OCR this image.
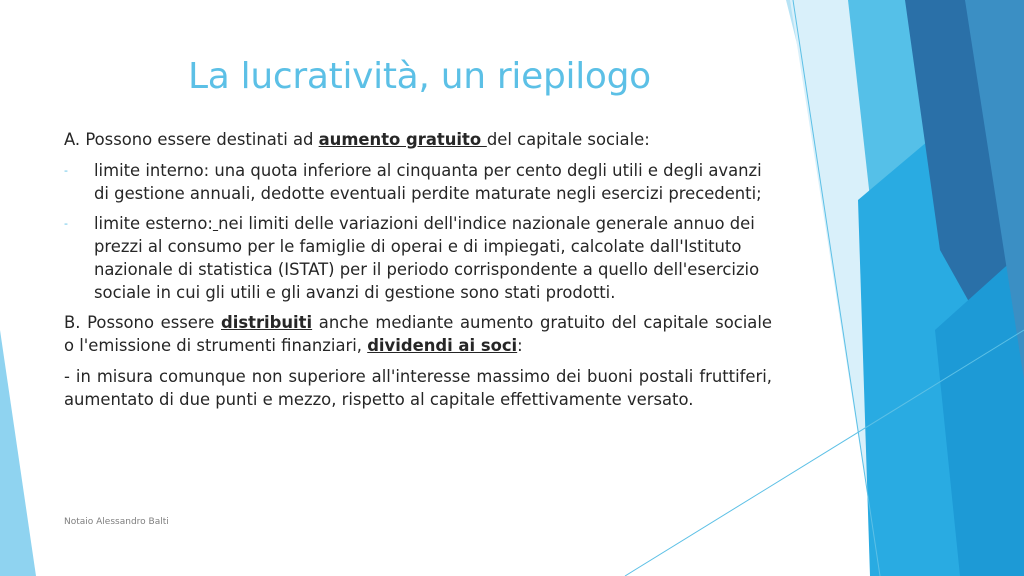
La lucratività, un riepilogo

A. Possono essere destinati ad aumento gratuito del capitale sociale:

- limite interno: una quota inferiore al cinquanta per cento degli utili e degli avanzi di gestione annuali, dedotte eventuali perdite maturate negli esercizi precedenti;

- limite esterno: nei limiti delle variazioni dell'indice nazionale generale annuo dei prezzi al consumo per le famiglie di operai e di impiegati, calcolate dall'Istituto nazionale di statistica (ISTAT) per il periodo corrispondente a quello dell'esercizio sociale in cui gli utili e gli avanzi di gestione sono stati prodotti.

B. Possono essere distribuiti anche mediante aumento gratuito del capitale sociale o l'emissione di strumenti finanziari, dividendi ai soci:

- in misura comunque non superiore all'interesse massimo dei buoni postali fruttiferi, aumentato di due punti e mezzo, rispetto al capitale effettivamente versato.

Notaio Alessandro Balti
